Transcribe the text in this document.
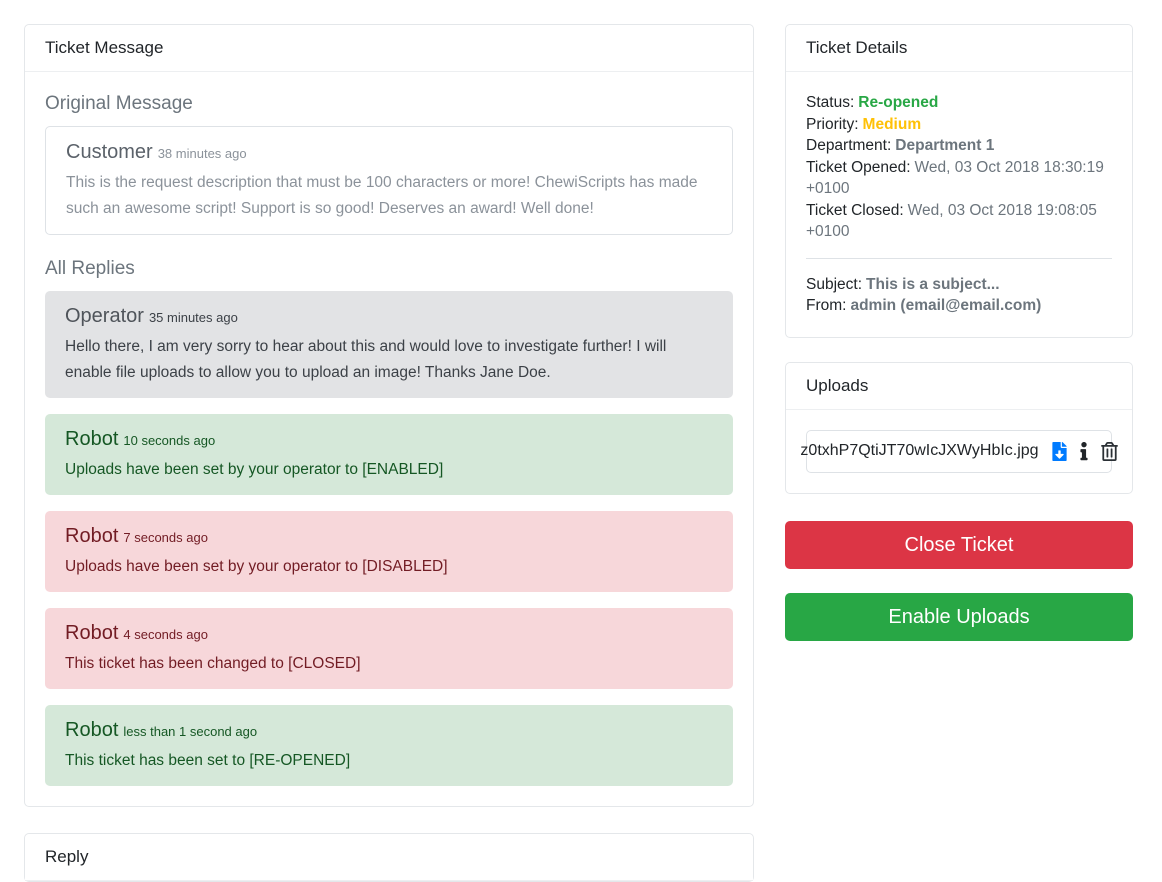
Ticket Message
Original Message
Customer 38 minutes ago

This is the request description that must be 100 characters or more! ChewiScripts has made such an awesome script! Support is so good! Deserves an award! Well done!

All Replies
Operator 35 minutes ago

Hello there, I am very sorry to hear about this and would love to investigate further! I will enable file uploads to allow you to upload an image! Thanks Jane Doe.

Robot 10 seconds ago

Uploads have been set by your operator to [ENABLED]

Robot 7 seconds ago

Uploads have been set by your operator to [DISABLED]

Robot 4 seconds ago

This ticket has been changed to [CLOSED]

Robot less than 1 second ago

This ticket has been set to [RE-OPENED]

Reply
Ticket Details
Status: Re-opened
Priority: Medium
Department: Department 1
Ticket Opened: Wed, 03 Oct 2018 18:30:19 +0100
Ticket Closed: Wed, 03 Oct 2018 19:08:05 +0100
Subject: This is a subject...
From: admin (email@email.com)
Uploads
z0txhP7QtiJT70wIcJXWyHbIc.jpg
Close Ticket
Enable Uploads
